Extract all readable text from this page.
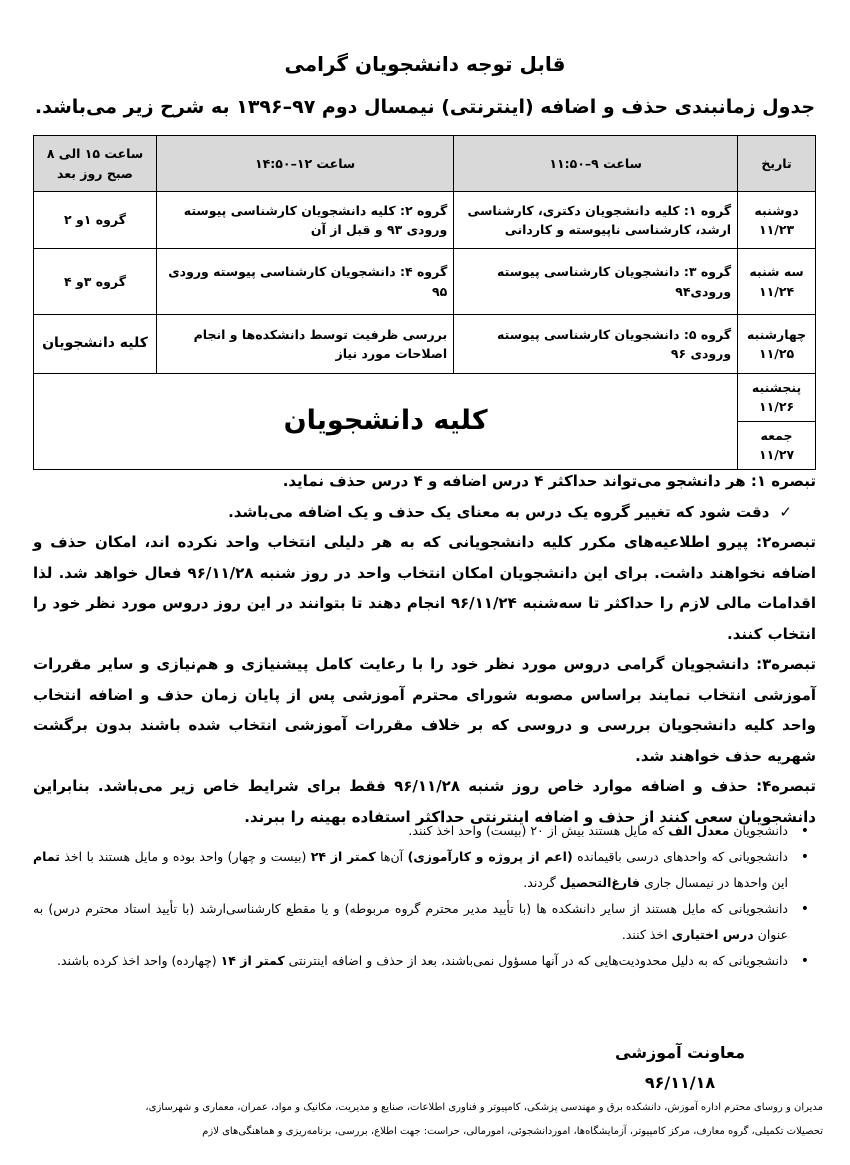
قابل توجه دانشجویان گرامی
جدول زمانبندی حذف و اضافه (اینترنتی) نیمسال دوم ۹۷–۱۳۹۶ به شرح زیر می‌باشد.
تاریخ	ساعت ۹–۱۱:۵۰	ساعت ۱۲–۱۴:۵۰	ساعت ۱۵ الی ۸ صبح روز بعد
دوشنبه ۱۱/۲۳	گروه ۱: کلیه دانشجویان دکتری، کارشناسی ارشد، کارشناسی ناپیوسته و کاردانی	گروه ۲: کلیه دانشجویان کارشناسی پیوسته ورودی ۹۳ و قبل از آن	گروه ۱و ۲
سه شنبه ۱۱/۲۴	گروه ۳: دانشجویان کارشناسی پیوسته ورودی۹۴	گروه ۴: دانشجویان کارشناسی پیوسته ورودی ۹۵	گروه ۳و ۴
چهارشنبه ۱۱/۲۵	گروه ۵: دانشجویان کارشناسی پیوسته ورودی ۹۶	بررسی ظرفیت توسط دانشکده‌ها و انجام اصلاحات مورد نیاز	کلیه دانشجویان
پنجشنبه ۱۱/۲۶	کلیه دانشجویان		
جمعه ۱۱/۲۷			

تبصره ۱: هر دانشجو می‌تواند حداکثر ۴ درس اضافه و ۴ درس حذف نماید.

✓دقت شود که تغییر گروه یک درس به معنای یک حذف و یک اضافه می‌باشد.

تبصره۲: پیرو اطلاعیه‌های مکرر کلیه دانشجویانی که به هر دلیلی انتخاب واحد نکرده اند، امکان حذف و اضافه نخواهند داشت. برای این دانشجویان امکان انتخاب واحد در روز شنبه ۹۶/۱۱/۲۸ فعال خواهد شد. لذا اقدامات مالی لازم را حداکثر تا سه‌شنبه ۹۶/۱۱/۲۴ انجام دهند تا بتوانند در این روز دروس مورد نظر خود را انتخاب کنند.

تبصره۳: دانشجویان گرامی دروس مورد نظر خود را با رعایت کامل پیشنیازی و هم‌نیازی و سایر مقررات آموزشی انتخاب نمایند براساس مصوبه شورای محترم آموزشی پس از پایان زمان حذف و اضافه انتخاب واحد کلیه دانشجویان بررسی و دروسی که بر خلاف مقررات آموزشی انتخاب شده باشند بدون برگشت شهریه حذف خواهند شد.

تبصره۴: حذف و اضافه موارد خاص روز شنبه ۹۶/۱۱/۲۸ فقط برای شرایط خاص زیر می‌باشد. بنابراین دانشجویان سعی کنند از حذف و اضافه اینترنتی حداکثر استفاده بهینه را ببرند.

•
دانشجویان معدل الف که مایل هستند بیش از ۲۰ (بیست) واحد اخذ کنند.
•
دانشجویانی که واحدهای درسی باقیمانده (اعم از پروژه و کارآموزی) آن‌ها کمتر از ۲۴ (بیست و چهار) واحد بوده و مایل هستند با اخذ تمام این واحدها در نیمسال جاری فارغ‌التحصیل گردند.
•
دانشجویانی که مایل هستند از سایر دانشکده ها (با تأیید مدیر محترم گروه مربوطه) و یا مقطع کارشناسی‌ارشد (با تأیید استاد محترم درس) به عنوان درس اختیاری اخذ کنند.
•
دانشجویانی که به دلیل محدودیت‌هایی که در آنها مسؤول نمی‌باشند، بعد از حذف و اضافه اینترنتی کمتر از ۱۴ (چهارده) واحد اخذ کرده باشند.
معاونت آموزشی
۹۶/۱۱/۱۸

مدیران و روسای محترم اداره آموزش، دانشکده برق و مهندسی پزشکی، کامپیوتر و فناوری اطلاعات، صنایع و مدیریت، مکانیک و مواد، عمران، معماری و شهرسازی،

تحصیلات تکمیلی، گروه معارف، مرکز کامپیوتر، آزمایشگاه‌ها، اموردانشجوئی، امورمالی، حراست: جهت اطلاع، بررسی، برنامه‌ریزی و هماهنگی‌های لازم
